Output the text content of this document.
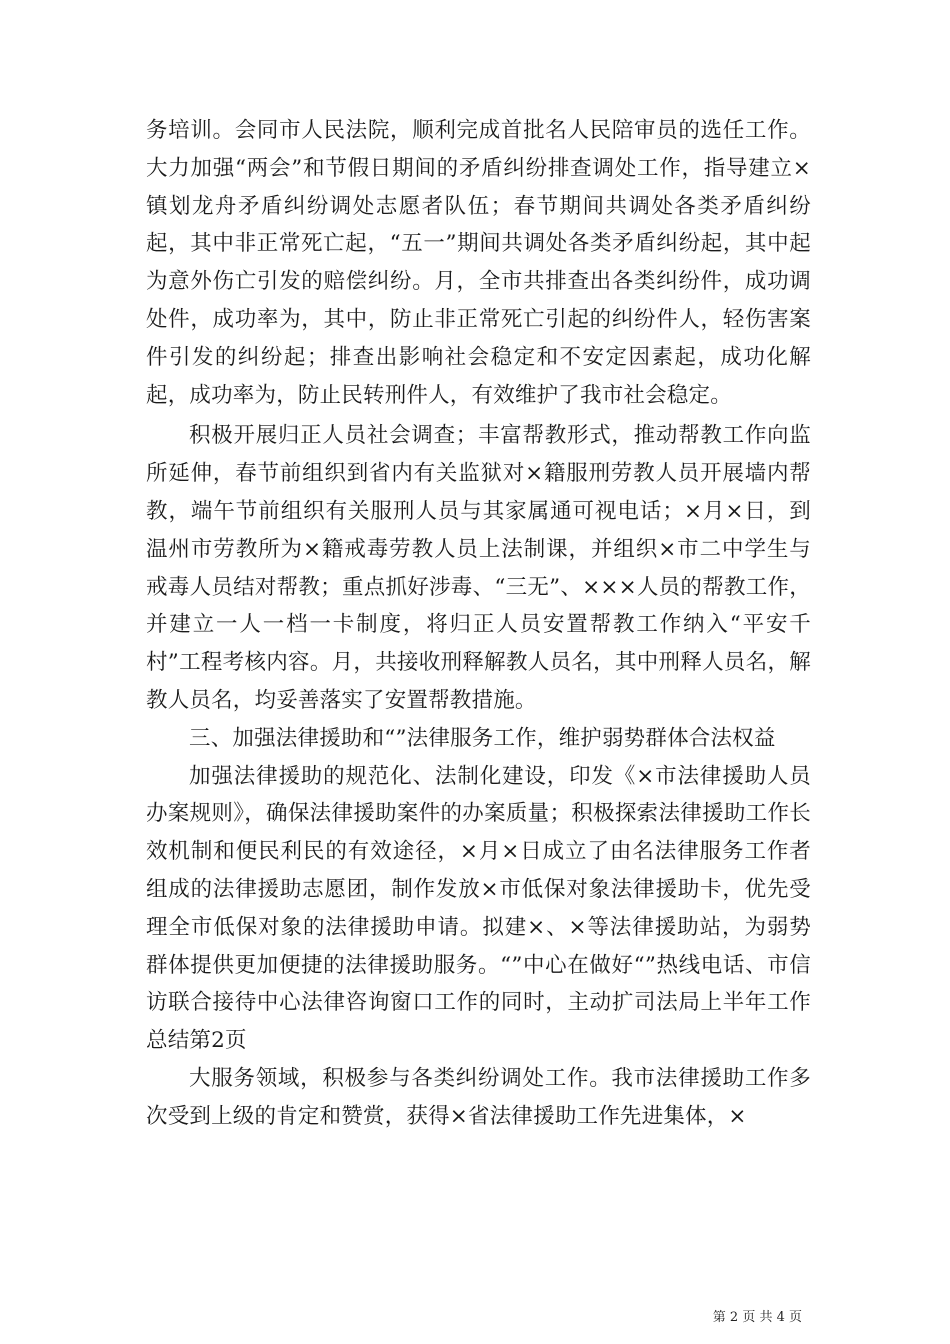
务培训。会同市人民法院，顺利完成首批名人民陪审员的选任工作。大力加强“两会”和节假日期间的矛盾纠纷排查调处工作，指导建立×镇划龙舟矛盾纠纷调处志愿者队伍；春节期间共调处各类矛盾纠纷起，其中非正常死亡起，“五一”期间共调处各类矛盾纠纷起，其中起为意外伤亡引发的赔偿纠纷。月，全市共排查出各类纠纷件，成功调处件，成功率为，其中，防止非正常死亡引起的纠纷件人，轻伤害案件引发的纠纷起；排查出影响社会稳定和不安定因素起，成功化解起，成功率为，防止民转刑件人，有效维护了我市社会稳定。

积极开展归正人员社会调查；丰富帮教形式，推动帮教工作向监所延伸，春节前组织到省内有关监狱对×籍服刑劳教人员开展墙内帮教，端午节前组织有关服刑人员与其家属通可视电话；×月×日，到温州市劳教所为×籍戒毒劳教人员上法制课，并组织×市二中学生与戒毒人员结对帮教；重点抓好涉毒、“三无”、×××人员的帮教工作，并建立一人一档一卡制度，将归正人员安置帮教工作纳入“平安千村”工程考核内容。月，共接收刑释解教人员名，其中刑释人员名，解教人员名，均妥善落实了安置帮教措施。

三、加强法律援助和“”法律服务工作，维护弱势群体合法权益

加强法律援助的规范化、法制化建设，印发《×市法律援助人员办案规则》，确保法律援助案件的办案质量；积极探索法律援助工作长效机制和便民利民的有效途径，×月×日成立了由名法律服务工作者组成的法律援助志愿团，制作发放×市低保对象法律援助卡，优先受理全市低保对象的法律援助申请。拟建×、×等法律援助站，为弱势群体提供更加便捷的法律援助服务。“”中心在做好“”热线电话、市信访联合接待中心法律咨询窗口工作的同时，主动扩司法局上半年工作总结第2页

大服务领域，积极参与各类纠纷调处工作。我市法律援助工作多次受到上级的肯定和赞赏，获得×省法律援助工作先进集体，×

第 2 页 共 4 页
